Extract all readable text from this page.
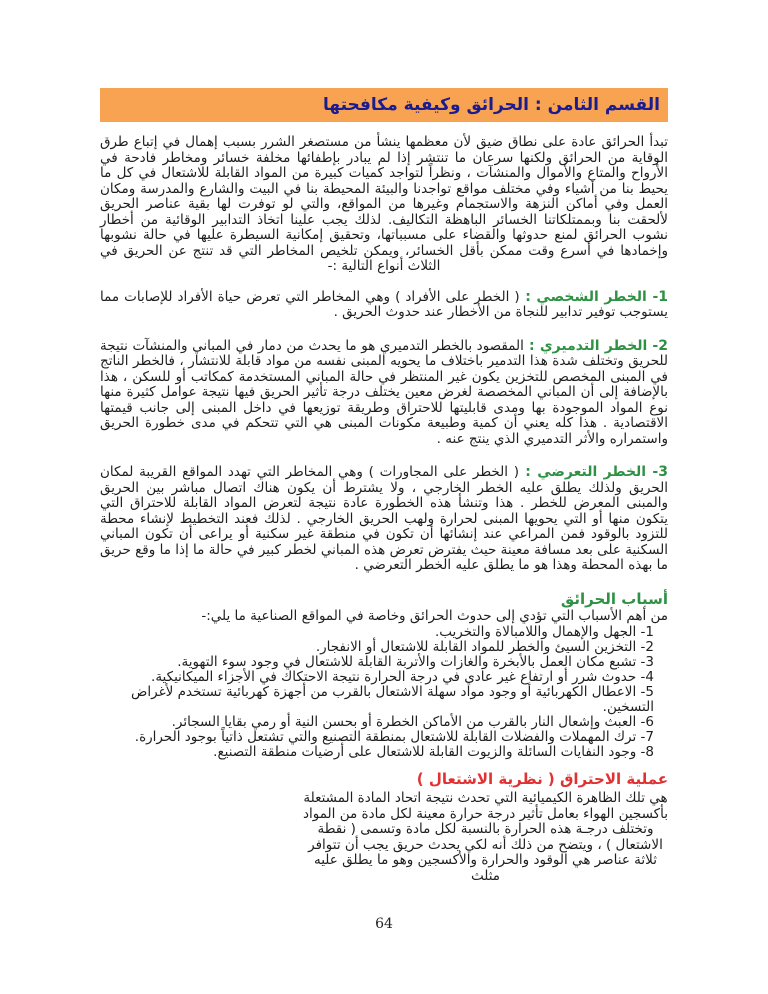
القسم الثامن : الحرائق وكيفية مكافحتها

تبدأ الحرائق عادة على نطاق ضيق لأن معظمها ينشأ من مستصغر الشرر بسبب إهمال في إتباع طرق الوقاية من الحرائق ولكنها سرعان ما تنتشر إذا لم يبادر بإطفائها مخلفة خسائر ومخاطر فادحة في الأرواح والمتاع والأموال والمنشآت ، ونظراً لتواجد كميات كبيرة من المواد القابلة للاشتعال في كل ما يحيط بنا من أشياء وفي مختلف مواقع تواجدنا والبيئة المحيطة بنا في البيت والشارع والمدرسة ومكان العمل وفي أماكن النزهة والاستجمام وغيرها من المواقع، والتي لو توفرت لها بقية عناصر الحريق لألحقت بنا وبممتلكاتنا الخسائر الباهظة التكاليف. لذلك يجب علينا اتخاذ التدابير الوقائية من أخطار نشوب الحرائق لمنع حدوثها والقضاء على مسبباتها، وتحقيق إمكانية السيطرة عليها في حالة نشوبها وإخمادها في أسرع وقت ممكن بأقل الخسائر، ويمكن تلخيص المخاطر التي قد تنتج عن الحريق في الثلاث أنواع التالية :-

1- الخطر الشخصي : ( الخطر على الأفراد ) وهي المخاطر التي تعرض حياة الأفراد للإصابات مما يستوجب توفير تدابير للنجاة من الأخطار عند حدوث الحريق .

2- الخطر التدميري : المقصود بالخطر التدميري هو ما يحدث من دمار في المباني والمنشآت نتيجة للحريق وتختلف شدة هذا التدمير باختلاف ما يحويه المبنى نفسه من مواد قابلة للانتشار ، فالخطر الناتج في المبنى المخصص للتخزين يكون غير المنتظر في حالة المباني المستخدمة كمكاتب أو للسكن ، هذا بالإضافة إلى أن المباني المخصصة لغرض معين يختلف درجة تأثير الحريق فيها نتيجة عوامل كثيرة منها نوع المواد الموجودة بها ومدى قابليتها للاحتراق وطريقة توزيعها في داخل المبنى إلى جانب قيمتها الاقتصادية . هذا كله يعني أن كمية وطبيعة مكونات المبنى هي التي تتحكم في مدى خطورة الحريق واستمراره والأثر التدميري الذي ينتج عنه .

3- الخطر التعرضي : ( الخطر على المجاورات ) وهي المخاطر التي تهدد المواقع القريبة لمكان الحريق ولذلك يطلق عليه الخطر الخارجي ، ولا يشترط أن يكون هناك اتصال مباشر بين الحريق والمبنى المعرض للخطر . هذا وتنشأ هذه الخطورة عادة نتيجة لتعرض المواد القابلة للاحتراق التي يتكون منها أو التي يحويها المبنى لحرارة ولهب الحريق الخارجي . لذلك فعند التخطيط لإنشاء محطة للتزود بالوقود فمن المراعي عند إنشائها أن تكون في منطقة غير سكنية أو يراعى أن تكون المباني السكنية على بعد مسافة معينة حيث يفترض تعرض هذه المباني لخطر كبير في حالة ما إذا ما وقع حريق ما بهذه المحطة وهذا هو ما يطلق عليه الخطر التعرضي .

أسباب الحرائق

من أهم الأسباب التي تؤدي إلى حدوث الحرائق وخاصة في المواقع الصناعية ما يلي:-

1- الجهل والإهمال واللامبالاة والتخريب.
2- التخزين السيئ والخطر للمواد القابلة للاشتعال أو الانفجار.
3- تشبع مكان العمل بالأبخرة والغازات والأتربة القابلة للاشتعال في وجود سوء التهوية.
4- حدوث شرر أو ارتفاع غير عادي في درجة الحرارة نتيجة الاحتكاك في الأجزاء الميكانيكية.
5- الاعطال الكهربائية أو وجود مواد سهلة الاشتعال بالقرب من أجهزة كهربائية تستخدم لأغراض التسخين.
6- العبث وإشعال النار بالقرب من الأماكن الخطرة أو بحسن النية أو رمي بقايا السجائر.
7- ترك المهملات والفضلات القابلة للاشتعال بمنطقة التصنيع والتي تشتعل ذاتياً بوجود الحرارة.
8- وجود النفايات السائلة والزيوت القابلة للاشتعال على أرضيات منطقة التصنيع.
عملية الاحتراق ( نظرية الاشتعال )

هي تلك الظاهرة الكيميائية التي تحدث نتيجة اتحاد المادة المشتعلة بأكسجين الهواء بعامل تأثير درجة حرارة معينة لكل مادة من المواد وتختلف درجـة هذه الحرارة بالنسبة لكل مادة وتسمى ( نقطة الاشتعال ) ، ويتضح من ذلك أنه لكي يحدث حريق يجب أن تتوافر ثلاثة عناصر هي الوقود والحرارة والأكسجين وهو ما يطلق عليه مثلث

64
